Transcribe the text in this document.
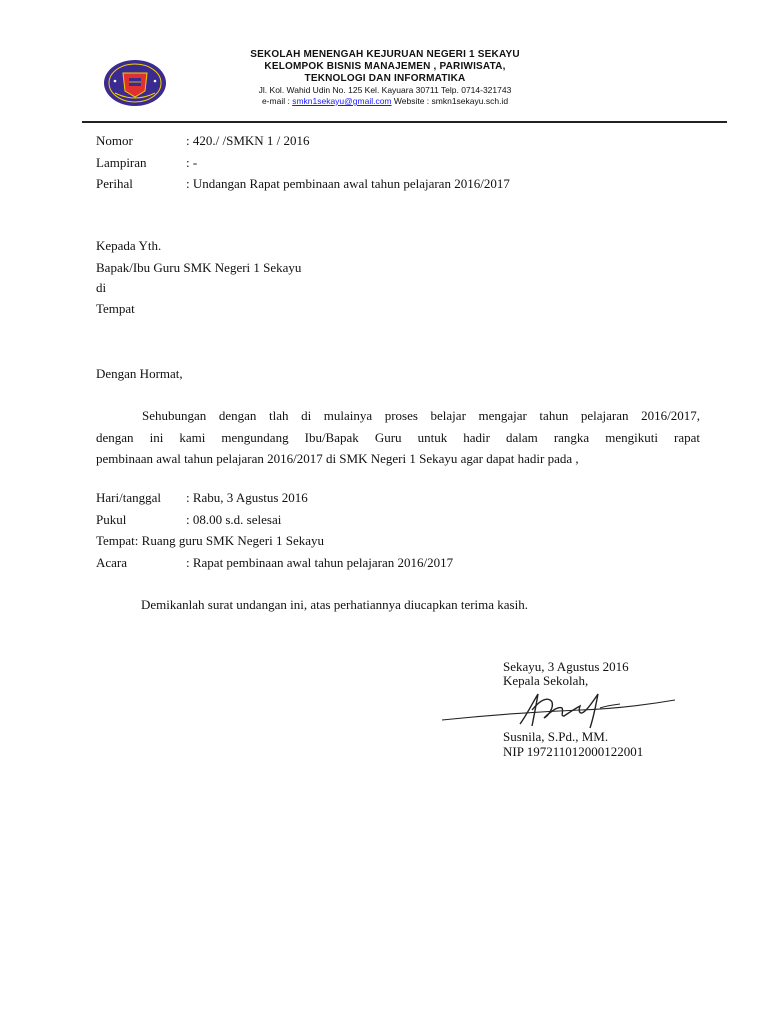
SEKOLAH MENENGAH KEJURUAN NEGERI 1 SEKAYU
KELOMPOK BISNIS MANAJEMEN , PARIWISATA,
TEKNOLOGI DAN INFORMATIKA
Jl. Kol. Wahid Udin No. 125 Kel. Kayuara 30711 Telp. 0714-321743
e-mail : smkn1sekayu@gmail.com Website : smkn1sekayu.sch.id
Nomor	: 420./ /SMKN 1 / 2016
Lampiran	: -
Perihal	: Undangan Rapat pembinaan awal tahun pelajaran 2016/2017
Kepada Yth.
Bapak/Ibu Guru SMK Negeri 1 Sekayu
di
Tempat
Dengan Hormat,
Sehubungan dengan tlah di mulainya proses belajar mengajar tahun pelajaran 2016/2017,
dengan ini kami mengundang Ibu/Bapak Guru untuk hadir dalam rangka mengikuti rapat
pembinaan awal tahun pelajaran 2016/2017 di SMK Negeri 1 Sekayu agar dapat hadir pada ,
Hari/tanggal : Rabu, 3 Agustus 2016
Pukul	: 08.00 s.d. selesai
Tempat: Ruang guru SMK Negeri 1 Sekayu
Acara	: Rapat pembinaan awal tahun pelajaran 2016/2017
Demikanlah surat undangan ini, atas perhatiannya diucapkan terima kasih.
Sekayu, 3 Agustus 2016
Kepala Sekolah,
Susnila, S.Pd., MM.
NIP 197211012000122001
